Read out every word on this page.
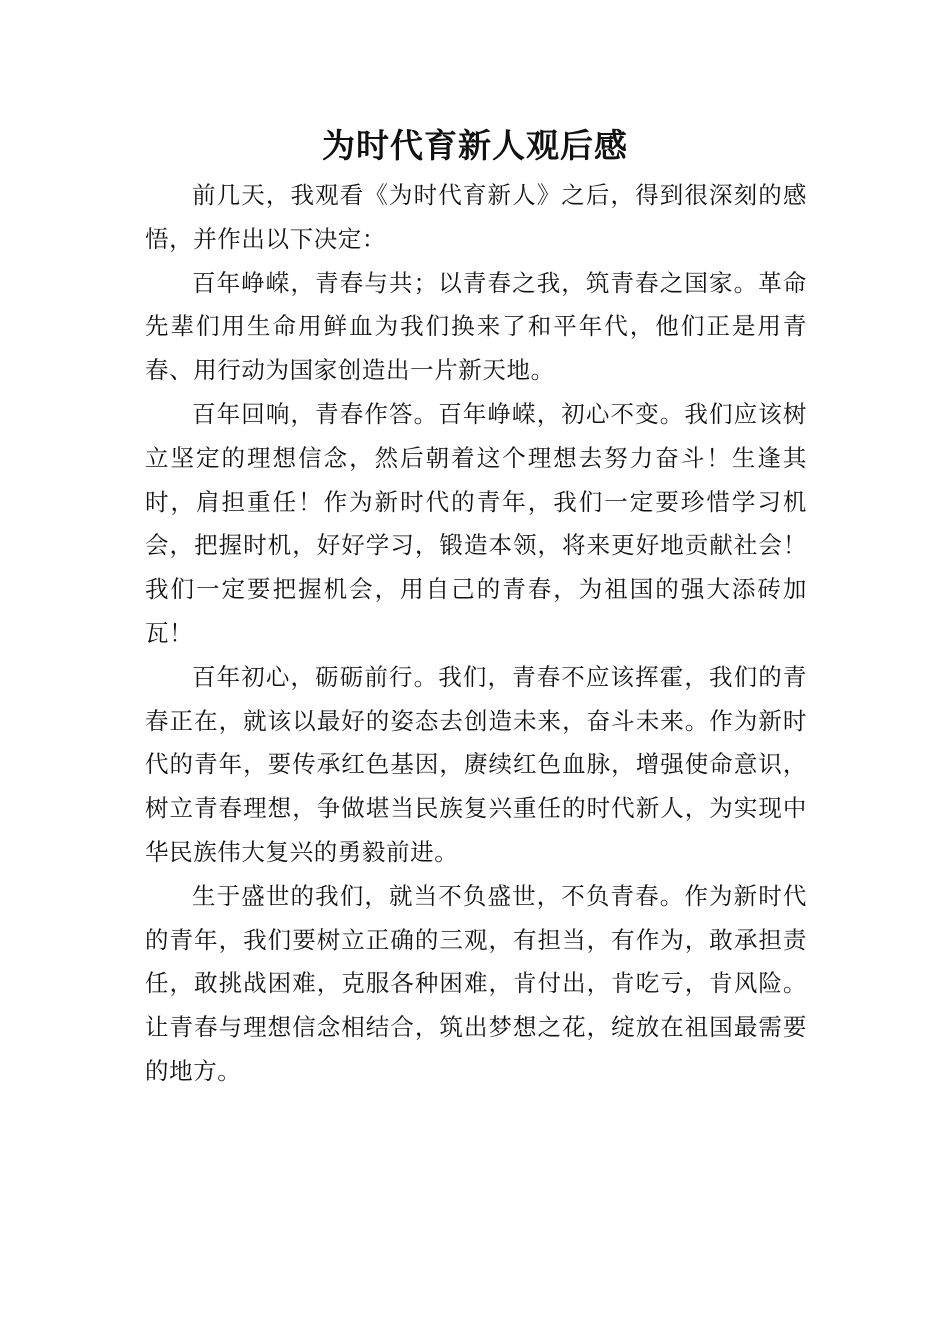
为时代育新人观后感

前几天，我观看《为时代育新人》之后，得到很深刻的感悟，并作出以下决定：

百年峥嵘，青春与共；以青春之我，筑青春之国家。革命先辈们用生命用鲜血为我们换来了和平年代，他们正是用青春、用行动为国家创造出一片新天地。

百年回响，青春作答。百年峥嵘，初心不变。我们应该树立坚定的理想信念，然后朝着这个理想去努力奋斗！生逢其时，肩担重任！作为新时代的青年，我们一定要珍惜学习机会，把握时机，好好学习，锻造本领，将来更好地贡献社会！我们一定要把握机会，用自己的青春，为祖国的强大添砖加瓦！

百年初心，砺砺前行。我们，青春不应该挥霍，我们的青春正在，就该以最好的姿态去创造未来，奋斗未来。作为新时代的青年，要传承红色基因，赓续红色血脉，增强使命意识，树立青春理想，争做堪当民族复兴重任的时代新人，为实现中华民族伟大复兴的勇毅前进。

生于盛世的我们，就当不负盛世，不负青春。作为新时代的青年，我们要树立正确的三观，有担当，有作为，敢承担责任，敢挑战困难，克服各种困难，肯付出，肯吃亏，肯风险。让青春与理想信念相结合，筑出梦想之花，绽放在祖国最需要的地方。
